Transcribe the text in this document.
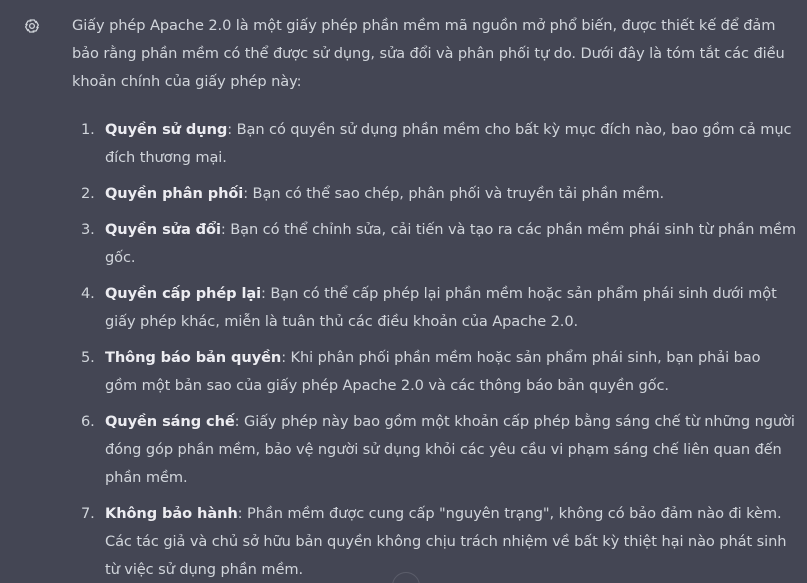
Giấy phép Apache 2.0 là một giấy phép phần mềm mã nguồn mở phổ biến, được thiết kế để đảm bảo rằng phần mềm có thể được sử dụng, sửa đổi và phân phối tự do. Dưới đây là tóm tắt các điều khoản chính của giấy phép này:

1. Quyền sử dụng: Bạn có quyền sử dụng phần mềm cho bất kỳ mục đích nào, bao gồm cả mục đích thương mại.
2. Quyền phân phối: Bạn có thể sao chép, phân phối và truyền tải phần mềm.
3. Quyền sửa đổi: Bạn có thể chỉnh sửa, cải tiến và tạo ra các phần mềm phái sinh từ phần mềm gốc.
4. Quyền cấp phép lại: Bạn có thể cấp phép lại phần mềm hoặc sản phẩm phái sinh dưới một giấy phép khác, miễn là tuân thủ các điều khoản của Apache 2.0.
5. Thông báo bản quyền: Khi phân phối phần mềm hoặc sản phẩm phái sinh, bạn phải bao gồm một bản sao của giấy phép Apache 2.0 và các thông báo bản quyền gốc.
6. Quyền sáng chế: Giấy phép này bao gồm một khoản cấp phép bằng sáng chế từ những người đóng góp phần mềm, bảo vệ người sử dụng khỏi các yêu cầu vi phạm sáng chế liên quan đến phần mềm.
7. Không bảo hành: Phần mềm được cung cấp "nguyên trạng", không có bảo đảm nào đi kèm. Các tác giả và chủ sở hữu bản quyền không chịu trách nhiệm về bất kỳ thiệt hại nào phát sinh từ việc sử dụng phần mềm.
